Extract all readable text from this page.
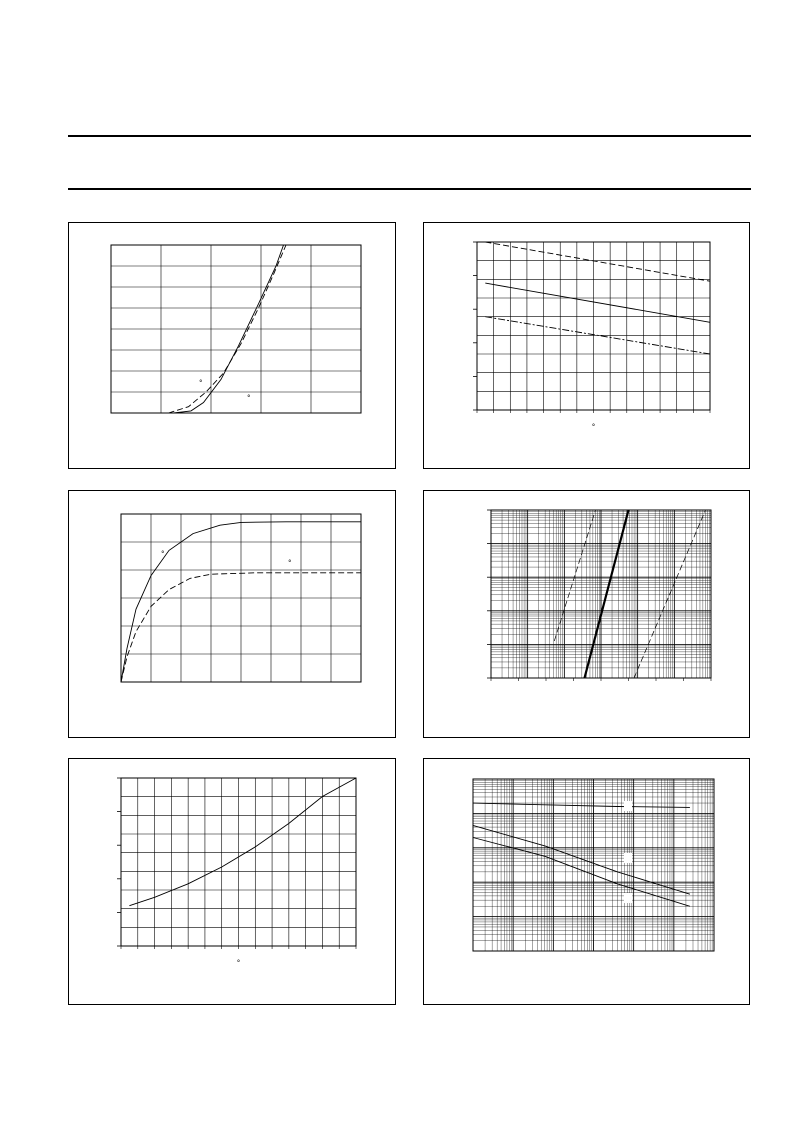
°
°
°
°
°
°
